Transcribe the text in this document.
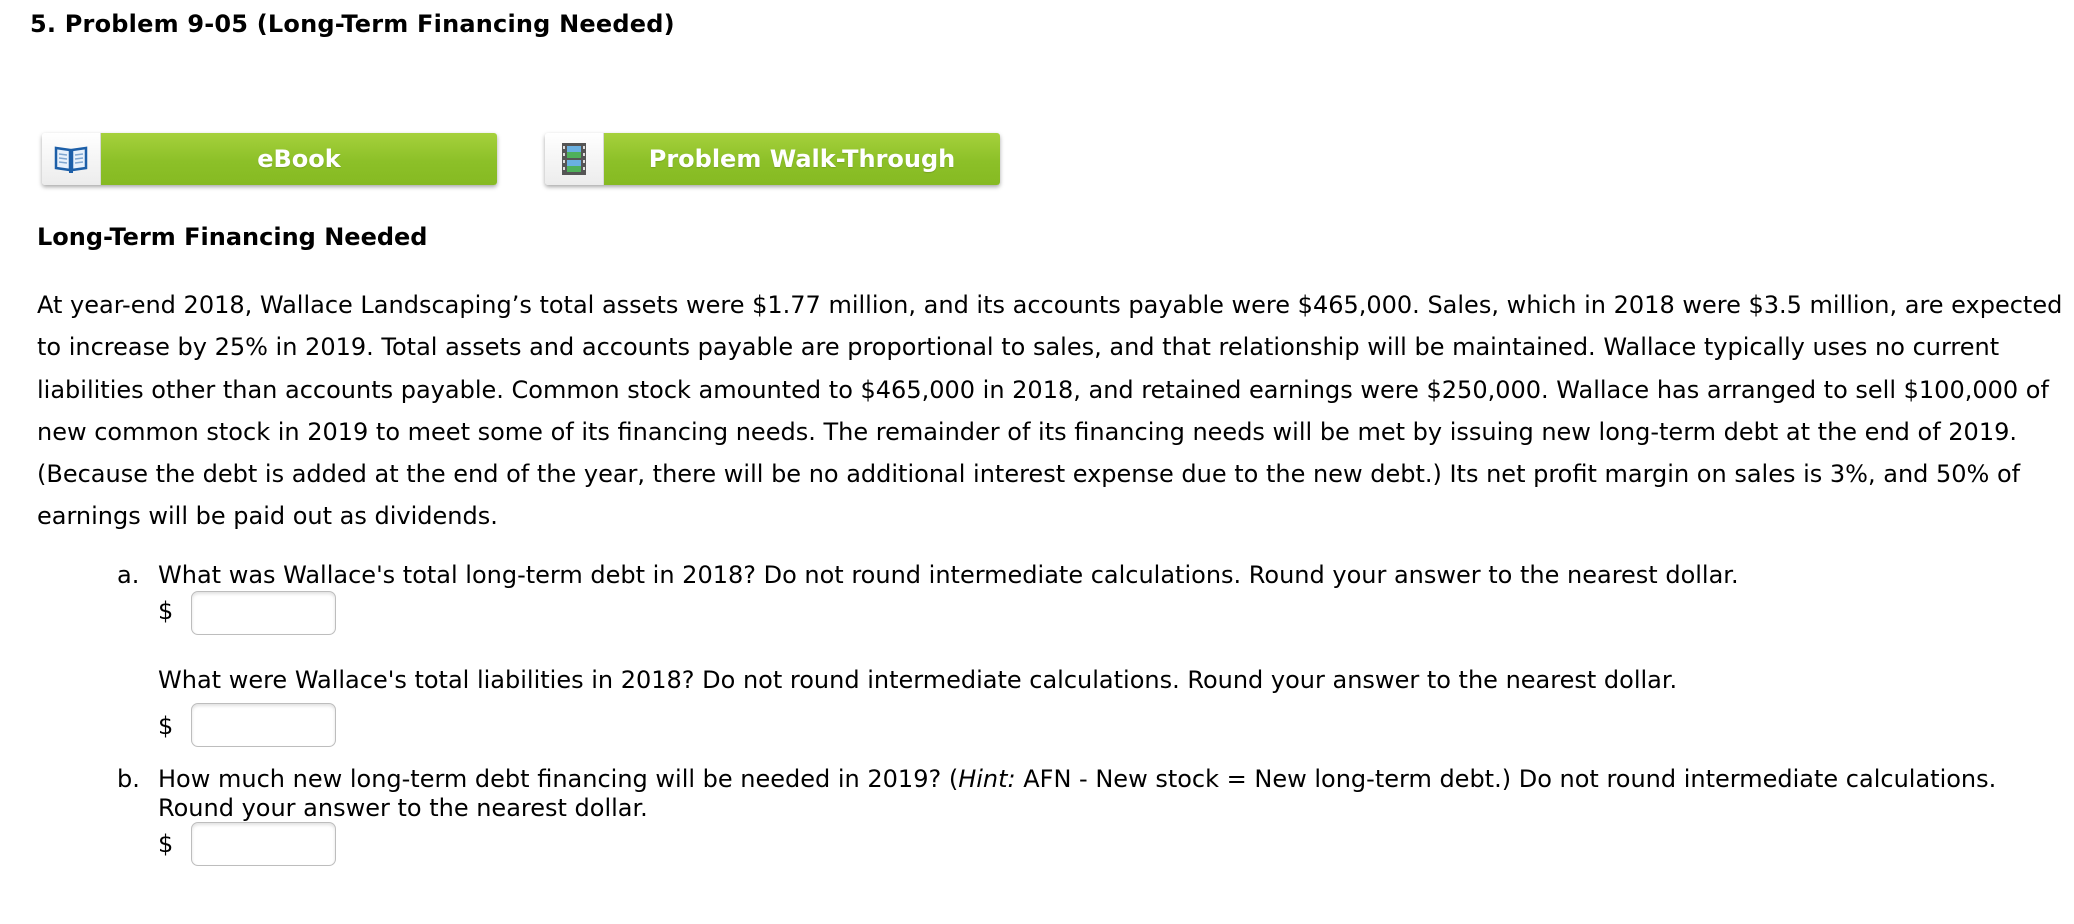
5. Problem 9-05 (Long-Term Financing Needed)
eBook	Problem Walk-Through
Long-Term Financing Needed

At year-end 2018, Wallace Landscaping’s total assets were $1.77 million, and its accounts payable were $465,000. Sales, which in 2018 were $3.5 million, are expected to increase by 25% in 2019. Total assets and accounts payable are proportional to sales, and that relationship will be maintained. Wallace typically uses no current liabilities other than accounts payable. Common stock amounted to $465,000 in 2018, and retained earnings were $250,000. Wallace has arranged to sell $100,000 of new common stock in 2019 to meet some of its financing needs. The remainder of its financing needs will be met by issuing new long-term debt at the end of 2019. (Because the debt is added at the end of the year, there will be no additional interest expense due to the new debt.) Its net profit margin on sales is 3%, and 50% of earnings will be paid out as dividends.

a. What was Wallace's total long-term debt in 2018? Do not round intermediate calculations. Round your answer to the nearest dollar.
$
What were Wallace's total liabilities in 2018? Do not round intermediate calculations. Round your answer to the nearest dollar.
$
b. How much new long-term debt financing will be needed in 2019? (Hint: AFN - New stock = New long-term debt.) Do not round intermediate calculations. Round your answer to the nearest dollar.
$
